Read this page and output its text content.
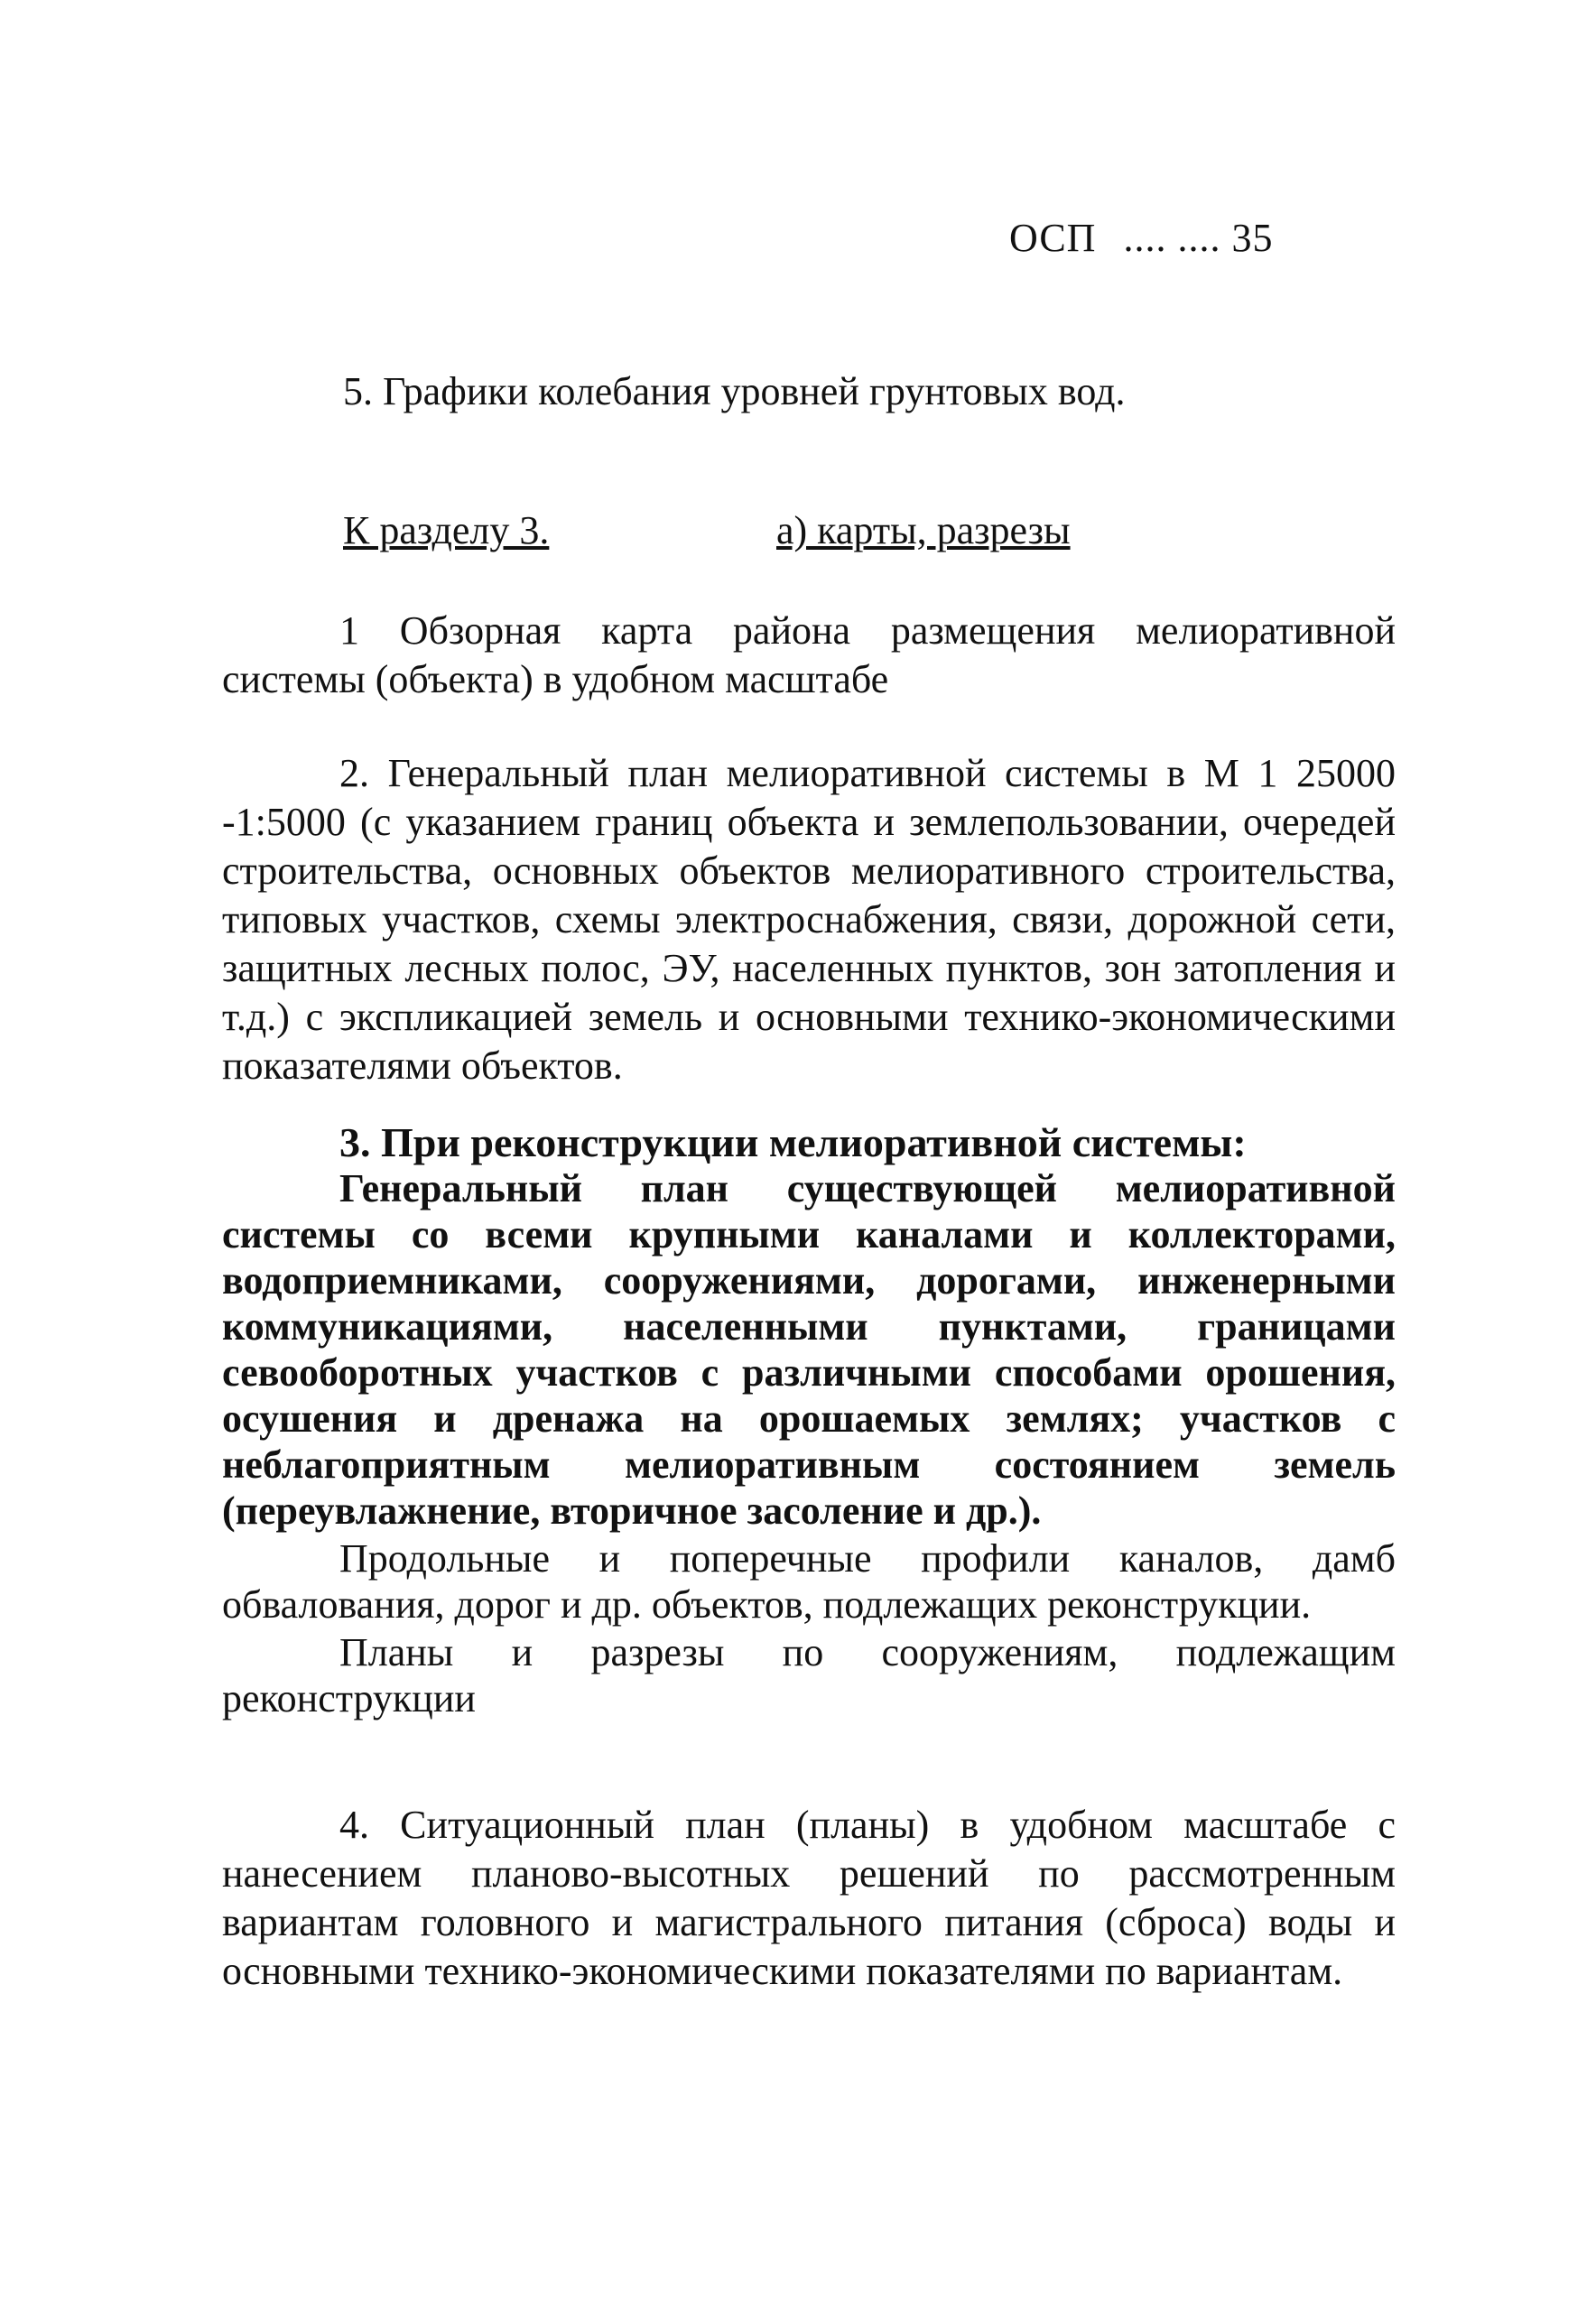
ОСП .... .... 35
5. Графики колебания уровней грунтовых вод.
К разделу 3.	а) карты, разрезы

1 Обзорная карта района размещения мелиоративной системы (объекта) в удобном масштабе

2. Генеральный план мелиоративной системы в М 1 25000 -1:5000 (с указанием границ объекта и землепользовании, очередей строительства, основных объектов мелиоративного строительства, типовых участков, схемы электроснабжения, связи, дорожной сети, защитных лесных полос, ЭУ, населенных пунктов, зон затопления и т.д.) с экспликацией земель и основными технико-экономическими показателями объектов.

3. При реконструкции мелиоративной системы:

Генеральный план существующей мелиоративной системы со всеми крупными каналами и коллекторами, водоприемниками, сооружениями, дорогами, инженерными коммуникациями, населенными пунктами, границами севооборотных участков с различными способами орошения, осушения и дренажа на орошаемых землях; участков с неблагоприятным мелиоративным состоянием земель (переувлажнение, вторичное засоление и др.).

Продольные и поперечные профили каналов, дамб обвалования, дорог и др. объектов, подлежащих реконструкции.

Планы и разрезы по сооружениям, подлежащим реконструкции

4. Ситуационный план (планы) в удобном масштабе с нанесением планово-высотных решений по рассмотренным вариантам головного и магистрального питания (сброса) воды и основными технико-экономическими показателями по вариантам.
